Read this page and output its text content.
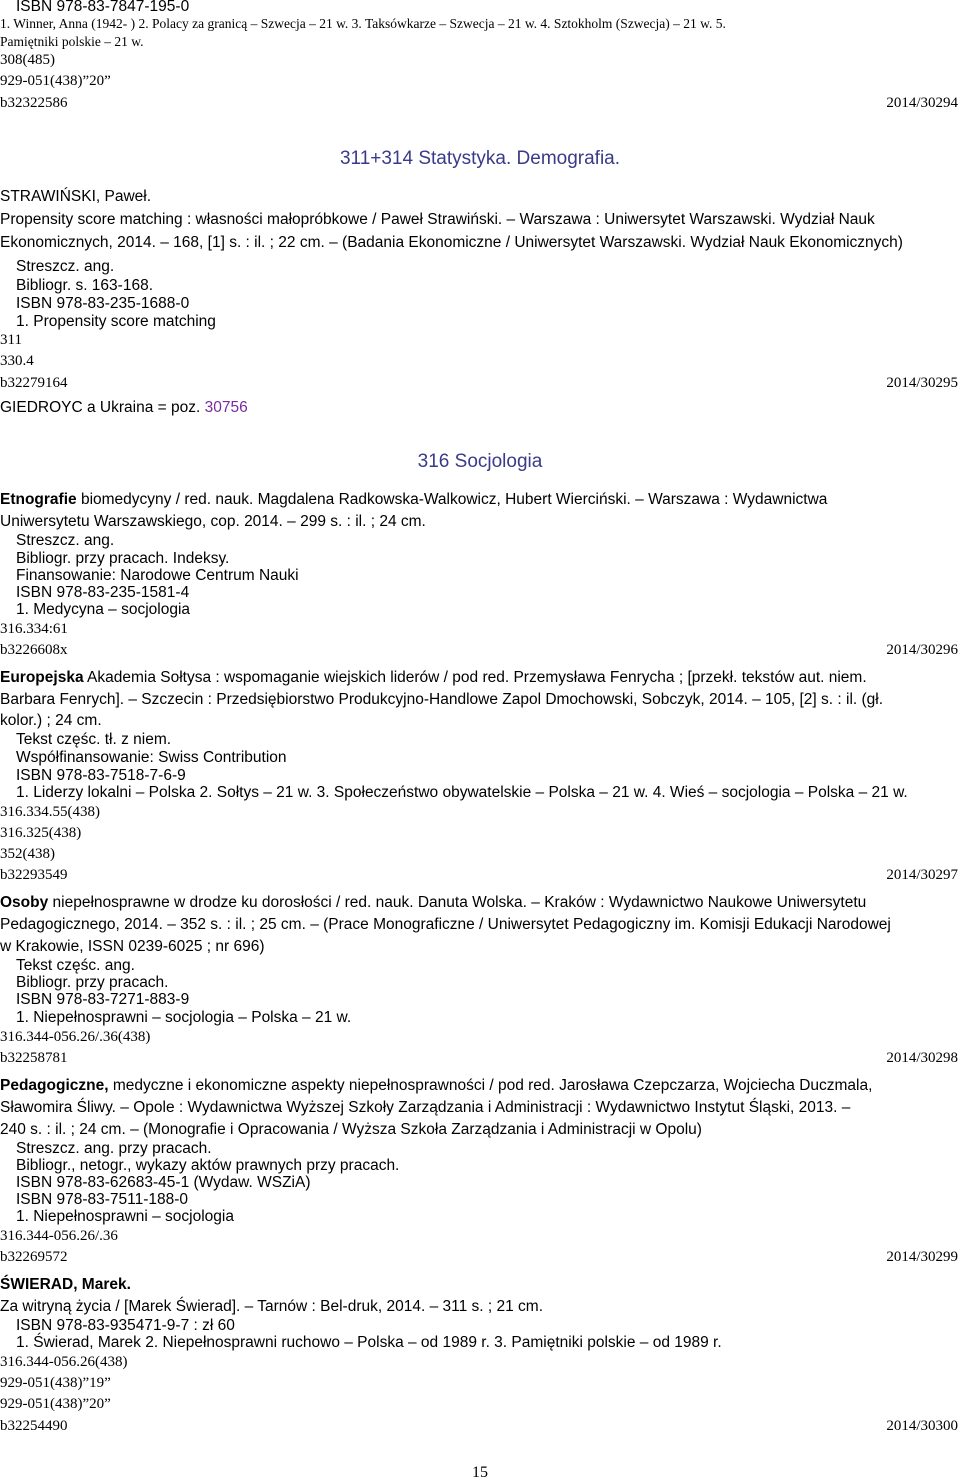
ISBN 978-83-7847-195-0
1. Winner, Anna (1942- ) 2. Polacy za granicą – Szwecja – 21 w. 3. Taksówkarze – Szwecja – 21 w. 4. Sztokholm (Szwecja) – 21 w. 5.
Pamiętniki polskie – 21 w.
308(485)
929-051(438)”20”
b32322586	2014/30294
311+314 Statystyka. Demografia.
STRAWIŃSKI, Paweł.
Propensity score matching : własności małopróbkowe / Paweł Strawiński. – Warszawa : Uniwersytet Warszawski. Wydział Nauk
Ekonomicznych, 2014. – 168, [1] s. : il. ; 22 cm. – (Badania Ekonomiczne / Uniwersytet Warszawski. Wydział Nauk Ekonomicznych)
Streszcz. ang.
Bibliogr. s. 163-168.
ISBN 978-83-235-1688-0
1. Propensity score matching
311
330.4
b32279164	2014/30295
GIEDROYC a Ukraina = poz. 30756
316 Socjologia
Etnografie biomedycyny / red. nauk. Magdalena Radkowska-Walkowicz, Hubert Wierciński. – Warszawa : Wydawnictwa
Uniwersytetu Warszawskiego, cop. 2014. – 299 s. : il. ; 24 cm.
Streszcz. ang.
Bibliogr. przy pracach. Indeksy.
Finansowanie: Narodowe Centrum Nauki
ISBN 978-83-235-1581-4
1. Medycyna – socjologia
316.334:61
b3226608x	2014/30296
Europejska Akademia Sołtysa : wspomaganie wiejskich liderów / pod red. Przemysława Fenrycha ; [przekł. tekstów aut. niem.
Barbara Fenrych]. – Szczecin : Przedsiębiorstwo Produkcyjno-Handlowe Zapol Dmochowski, Sobczyk, 2014. – 105, [2] s. : il. (gł.
kolor.) ; 24 cm.
Tekst częśc. tł. z niem.
Współfinansowanie: Swiss Contribution
ISBN 978-83-7518-7-6-9
1. Liderzy lokalni – Polska 2. Sołtys – 21 w. 3. Społeczeństwo obywatelskie – Polska – 21 w. 4. Wieś – socjologia – Polska – 21 w.
316.334.55(438)
316.325(438)
352(438)
b32293549	2014/30297
Osoby niepełnosprawne w drodze ku dorosłości / red. nauk. Danuta Wolska. – Kraków : Wydawnictwo Naukowe Uniwersytetu
Pedagogicznego, 2014. – 352 s. : il. ; 25 cm. – (Prace Monograficzne / Uniwersytet Pedagogiczny im. Komisji Edukacji Narodowej
w Krakowie, ISSN 0239-6025 ; nr 696)
Tekst częśc. ang.
Bibliogr. przy pracach.
ISBN 978-83-7271-883-9
1. Niepełnosprawni – socjologia – Polska – 21 w.
316.344-056.26/.36(438)
b32258781	2014/30298
Pedagogiczne, medyczne i ekonomiczne aspekty niepełnosprawności / pod red. Jarosława Czepczarza, Wojciecha Duczmala,
Sławomira Śliwy. – Opole : Wydawnictwa Wyższej Szkoły Zarządzania i Administracji : Wydawnictwo Instytut Śląski, 2013. –
240 s. : il. ; 24 cm. – (Monografie i Opracowania / Wyższa Szkoła Zarządzania i Administracji w Opolu)
Streszcz. ang. przy pracach.
Bibliogr., netogr., wykazy aktów prawnych przy pracach.
ISBN 978-83-62683-45-1 (Wydaw. WSZiA)
ISBN 978-83-7511-188-0
1. Niepełnosprawni – socjologia
316.344-056.26/.36
b32269572	2014/30299
ŚWIERAD, Marek.
Za witryną życia / [Marek Świerad]. – Tarnów : Bel-druk, 2014. – 311 s. ; 21 cm.
ISBN 978-83-935471-9-7 : zł 60
1. Świerad, Marek 2. Niepełnosprawni ruchowo – Polska – od 1989 r. 3. Pamiętniki polskie – od 1989 r.
316.344-056.26(438)
929-051(438)”19”
929-051(438)”20”
b32254490	2014/30300
15
